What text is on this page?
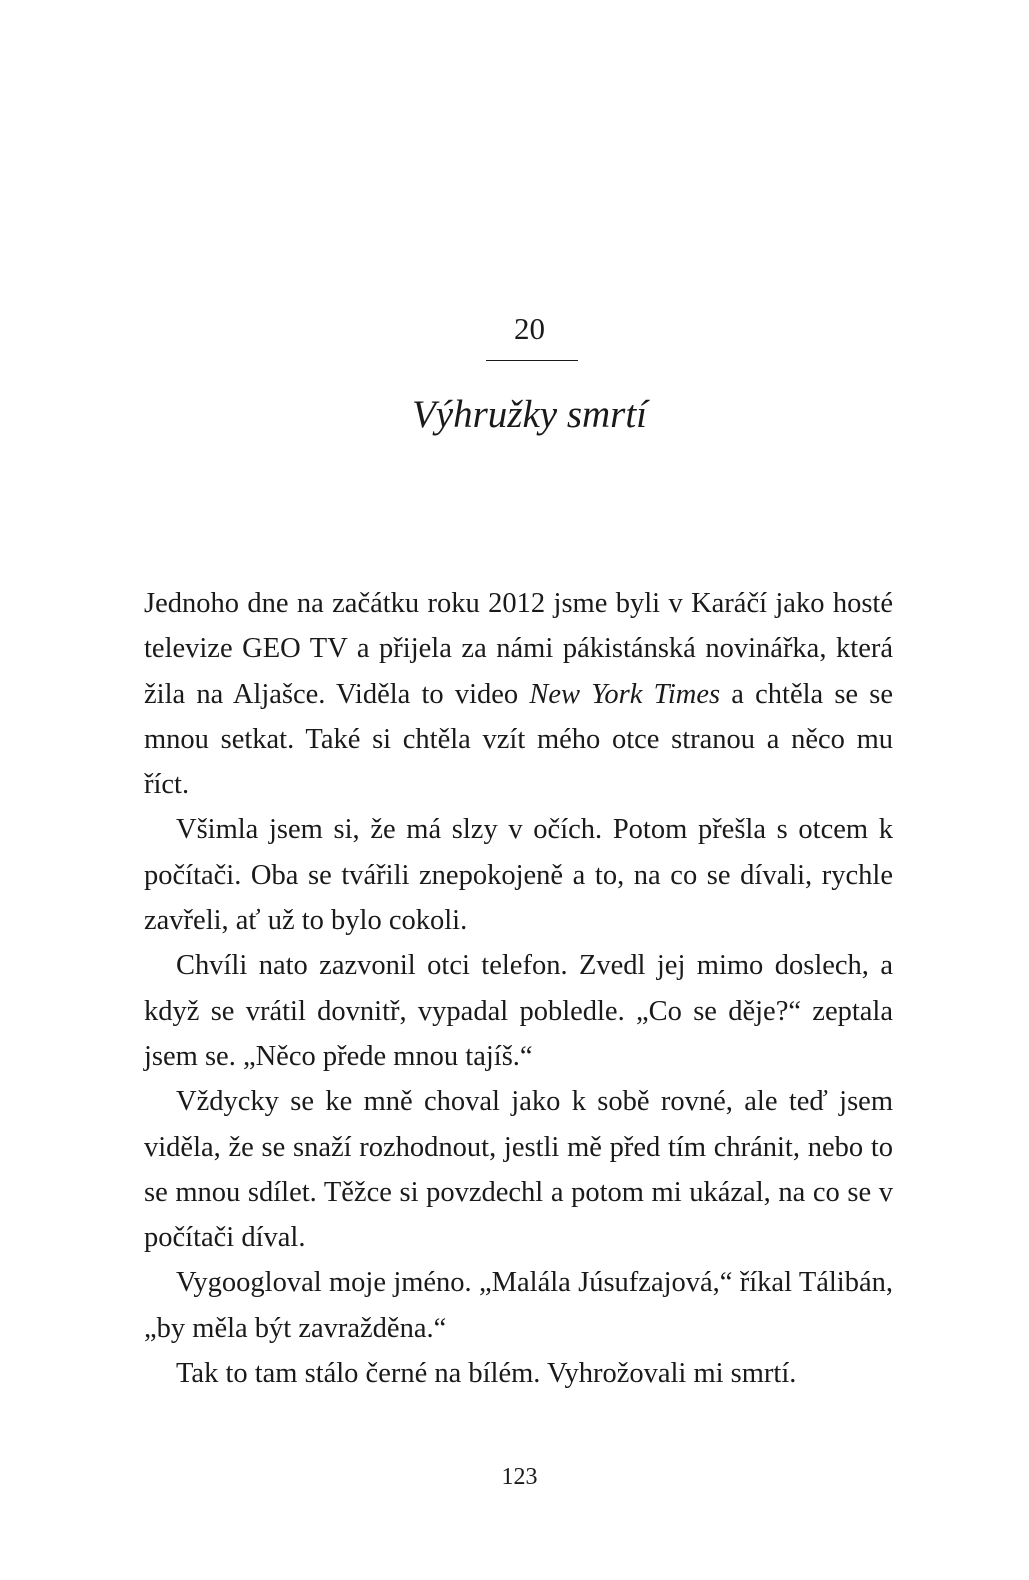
20
Výhružky smrtí

Jednoho dne na začátku roku 2012 jsme byli v Karáčí jako hosté televize GEO TV a přijela za námi pákistánská novinářka, která žila na Aljašce. Viděla to video New York Times a chtěla se se mnou setkat. Také si chtěla vzít mého otce stranou a něco mu říct.

Všimla jsem si, že má slzy v očích. Potom přešla s otcem k počítači. Oba se tvářili znepokojeně a to, na co se dívali, rychle zavřeli, ať už to bylo cokoli.

Chvíli nato zazvonil otci telefon. Zvedl jej mimo doslech, a když se vrátil dovnitř, vypadal pobledle. „Co se děje?“ zeptala jsem se. „Něco přede mnou tajíš.“

Vždycky se ke mně choval jako k sobě rovné, ale teď jsem viděla, že se snaží rozhodnout, jestli mě před tím chránit, nebo to se mnou sdílet. Těžce si povzdechl a potom mi ukázal, na co se v počítači díval.

Vygoogloval moje jméno. „Malála Júsufzajová,“ říkal Tálibán, „by měla být zavražděna.“

Tak to tam stálo černé na bílém. Vyhrožovali mi smrtí.

123
